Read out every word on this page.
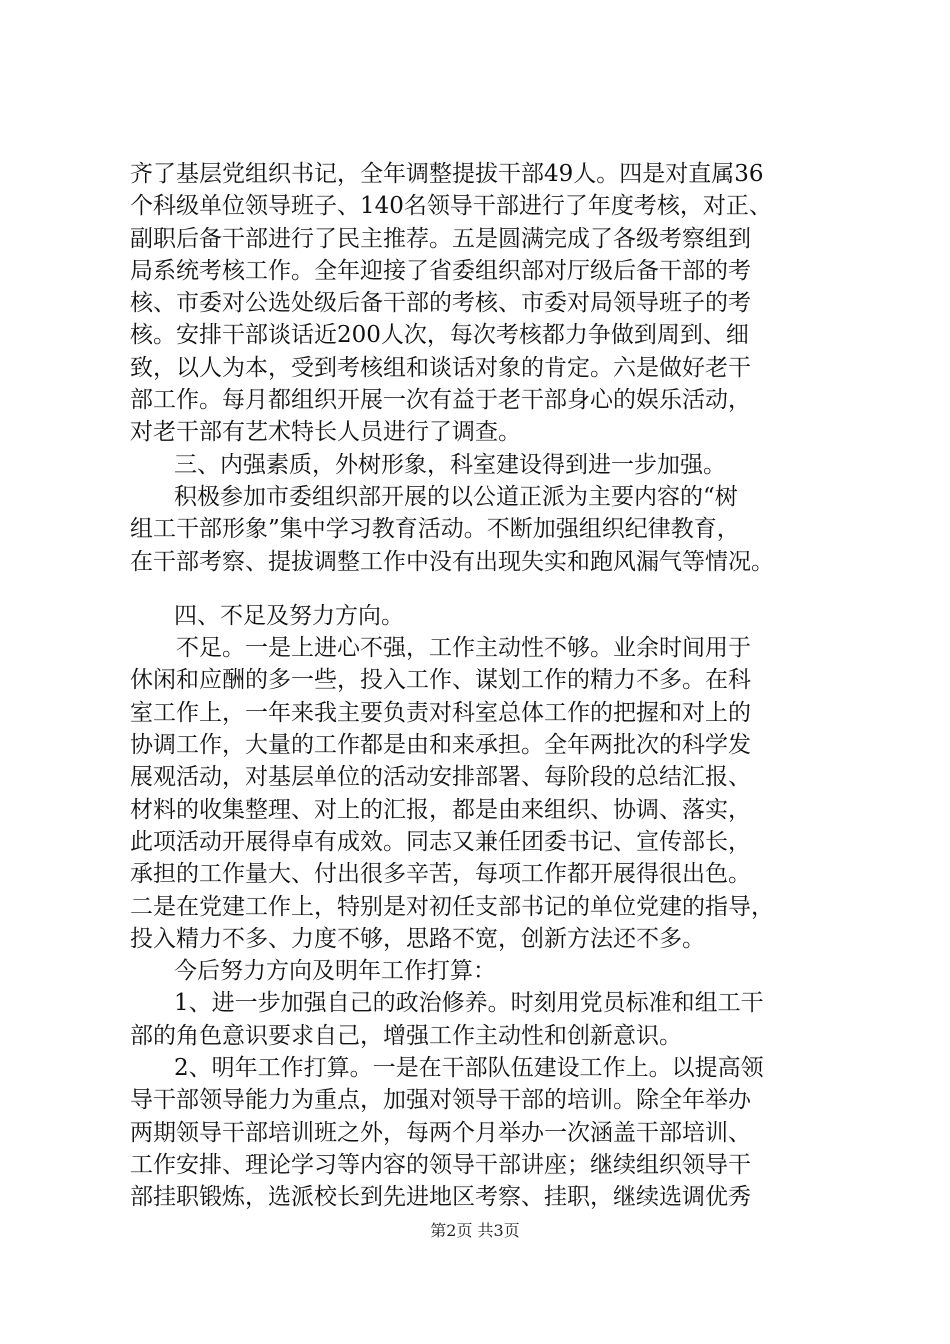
齐了基层党组织书记，全年调整提拔干部49人。四是对直属36
个科级单位领导班子、140名领导干部进行了年度考核，对正、
副职后备干部进行了民主推荐。五是圆满完成了各级考察组到
局系统考核工作。全年迎接了省委组织部对厅级后备干部的考
核、市委对公选处级后备干部的考核、市委对局领导班子的考
核。安排干部谈话近200人次，每次考核都力争做到周到、细
致，以人为本，受到考核组和谈话对象的肯定。六是做好老干
部工作。每月都组织开展一次有益于老干部身心的娱乐活动，
对老干部有艺术特长人员进行了调查。
三、内强素质，外树形象，科室建设得到进一步加强。
积极参加市委组织部开展的以公道正派为主要内容的“树
组工干部形象”集中学习教育活动。不断加强组织纪律教育，
在干部考察、提拔调整工作中没有出现失实和跑风漏气等情况。
四、不足及努力方向。
不足。一是上进心不强，工作主动性不够。业余时间用于
休闲和应酬的多一些，投入工作、谋划工作的精力不多。在科
室工作上，一年来我主要负责对科室总体工作的把握和对上的
协调工作，大量的工作都是由和来承担。全年两批次的科学发
展观活动，对基层单位的活动安排部署、每阶段的总结汇报、
材料的收集整理、对上的汇报，都是由来组织、协调、落实，
此项活动开展得卓有成效。同志又兼任团委书记、宣传部长，
承担的工作量大、付出很多辛苦，每项工作都开展得很出色。
二是在党建工作上，特别是对初任支部书记的单位党建的指导，
投入精力不多、力度不够，思路不宽，创新方法还不多。
今后努力方向及明年工作打算：
1、进一步加强自己的政治修养。时刻用党员标准和组工干
部的角色意识要求自己，增强工作主动性和创新意识。
2、明年工作打算。一是在干部队伍建设工作上。以提高领
导干部领导能力为重点，加强对领导干部的培训。除全年举办
两期领导干部培训班之外，每两个月举办一次涵盖干部培训、
工作安排、理论学习等内容的领导干部讲座；继续组织领导干
部挂职锻炼，选派校长到先进地区考察、挂职，继续选调优秀
第2页 共3页
